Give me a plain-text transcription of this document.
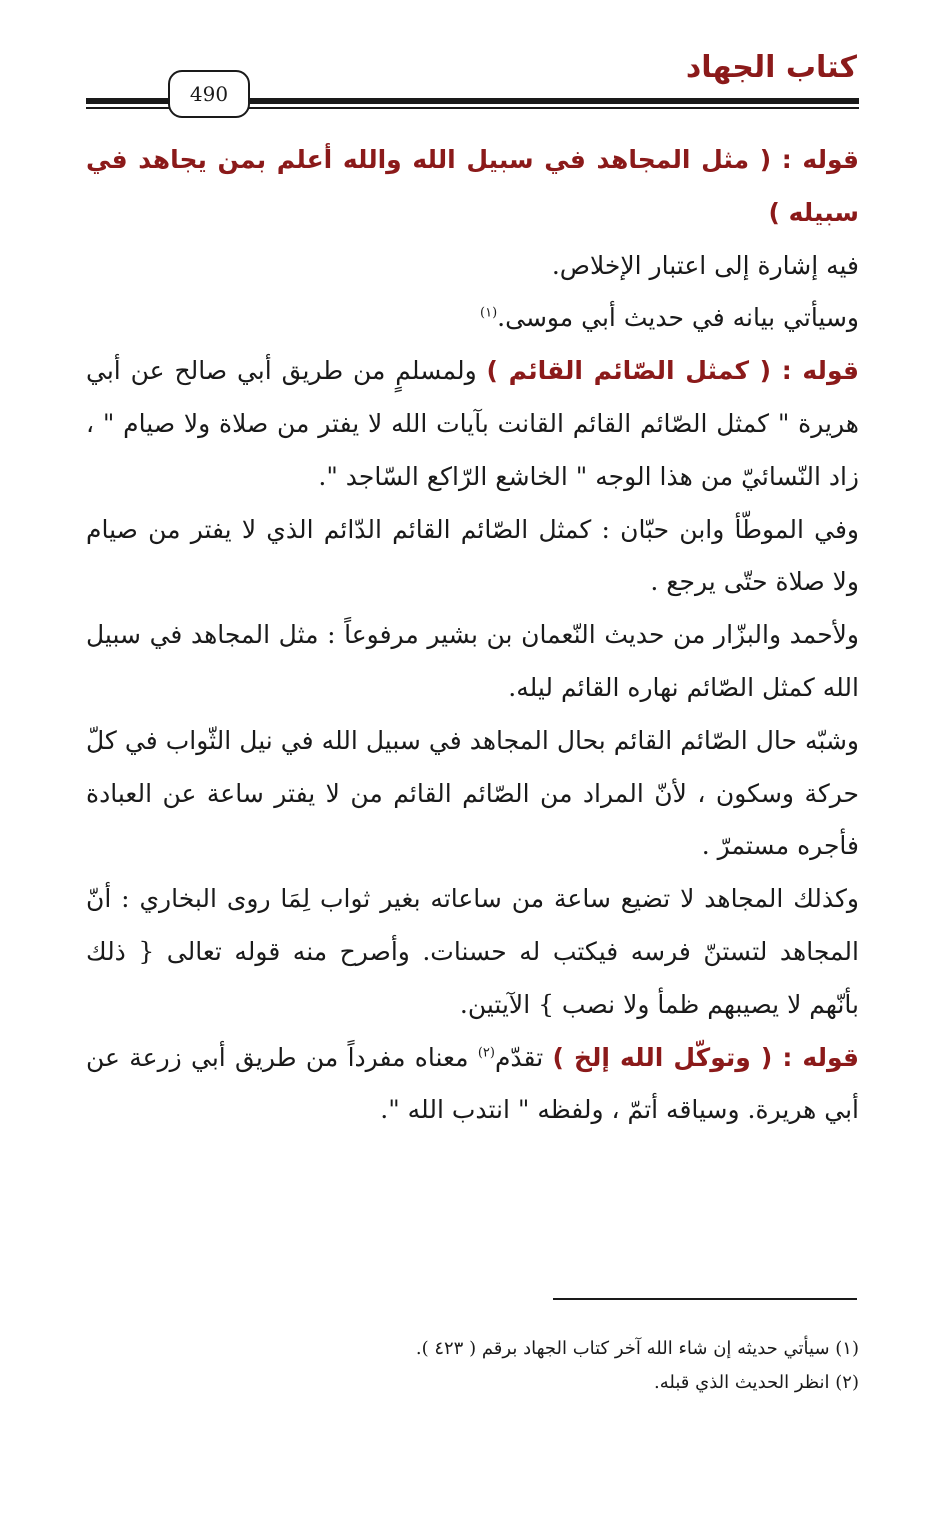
كتاب الجهاد
490

قوله : ( مثل المجاهد في سبيل الله والله أعلم بمن يجاهد في سبيله )

فيه إشارة إلى اعتبار الإخلاص.

وسيأتي بيانه في حديث أبي موسى.$^{(١)}$

قوله : ( كمثل الصّائم القائم ) ولمسلمٍ من طريق أبي صالح عن أبي هريرة " كمثل الصّائم القائم القانت بآيات الله لا يفتر من صلاة ولا صيام " ، زاد النّسائيّ من هذا الوجه " الخاشع الرّاكع السّاجد ".

وفي الموطّأ وابن حبّان : كمثل الصّائم القائم الدّائم الذي لا يفتر من صيام ولا صلاة حتّى يرجع .

ولأحمد والبزّار من حديث النّعمان بن بشير مرفوعاً : مثل المجاهد في سبيل الله كمثل الصّائم نهاره القائم ليله.

وشبّه حال الصّائم القائم بحال المجاهد في سبيل الله في نيل الثّواب في كلّ حركة وسكون ، لأنّ المراد من الصّائم القائم من لا يفتر ساعة عن العبادة فأجره مستمرّ .

وكذلك المجاهد لا تضيع ساعة من ساعاته بغير ثواب لِمَا روى البخاري : أنّ المجاهد لتستنّ فرسه فيكتب له حسنات. وأصرح منه قوله تعالى { ذلك بأنّهم لا يصيبهم ظمأ ولا نصب } الآيتين.

قوله : ( وتوكّل الله إلخ ) تقدّم$^{(٢)}$ معناه مفرداً من طريق أبي زرعة عن أبي هريرة. وسياقه أتمّ ، ولفظه " انتدب الله ".

(١) سيأتي حديثه إن شاء الله آخر كتاب الجهاد برقم ( ٤٢٣ ).

(٢) انظر الحديث الذي قبله.
